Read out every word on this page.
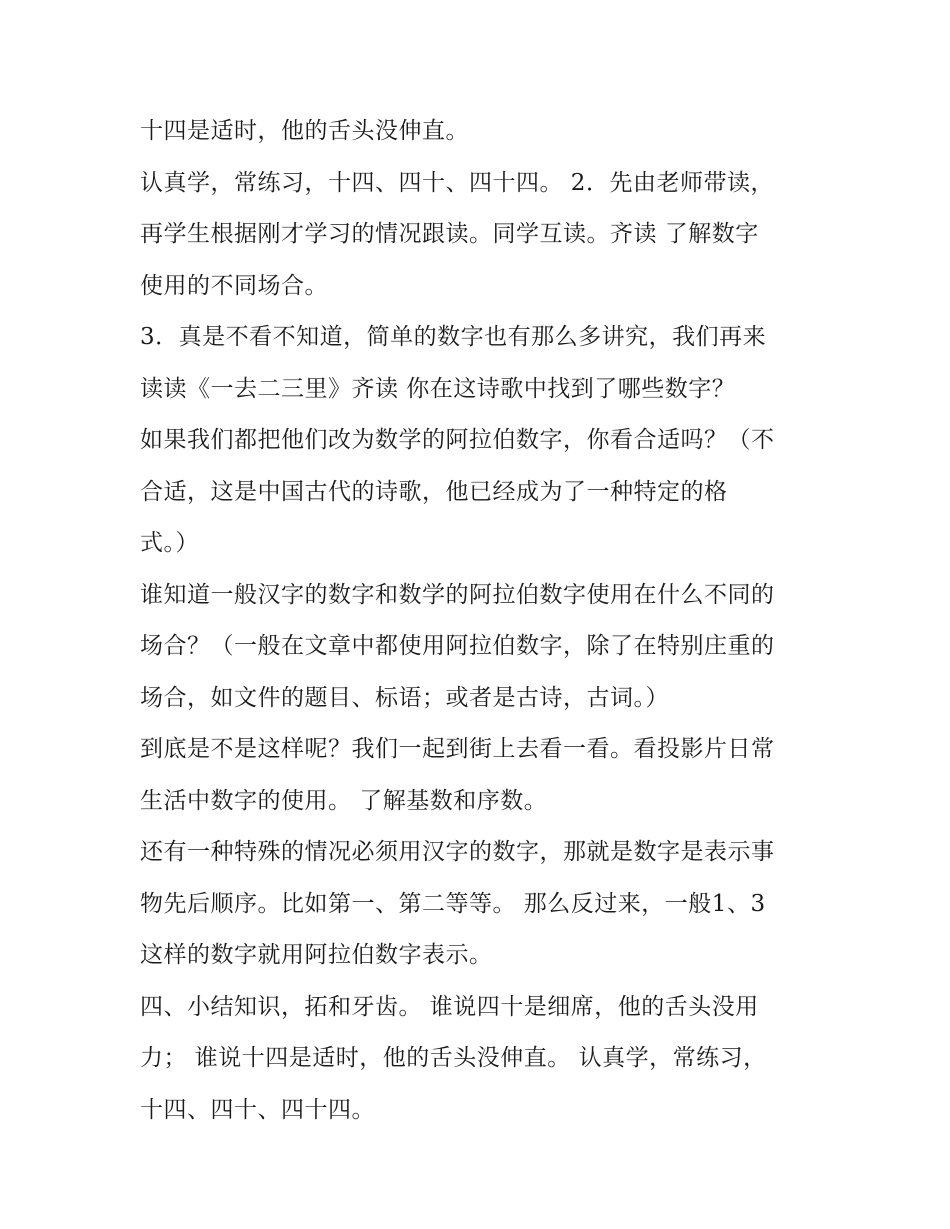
十四是适时，他的舌头没伸直。
认真学，常练习，十四、四十、四十四。 2．先由老师带读，
再学生根据刚才学习的情况跟读。同学互读。齐读 了解数字
使用的不同场合。
3．真是不看不知道，简单的数字也有那么多讲究，我们再来
读读《一去二三里》齐读 你在这诗歌中找到了哪些数字？
如果我们都把他们改为数学的阿拉伯数字，你看合适吗？（不
合适，这是中国古代的诗歌，他已经成为了一种特定的格
式。）
谁知道一般汉字的数字和数学的阿拉伯数字使用在什么不同的
场合？（一般在文章中都使用阿拉伯数字，除了在特别庄重的
场合，如文件的题目、标语；或者是古诗，古词。）
到底是不是这样呢？我们一起到街上去看一看。看投影片日常
生活中数字的使用。 了解基数和序数。
还有一种特殊的情况必须用汉字的数字，那就是数字是表示事
物先后顺序。比如第一、第二等等。 那么反过来，一般1、3
这样的数字就用阿拉伯数字表示。
四、小结知识，拓和牙齿。 谁说四十是细席，他的舌头没用
力； 谁说十四是适时，他的舌头没伸直。 认真学，常练习，
十四、四十、四十四。
